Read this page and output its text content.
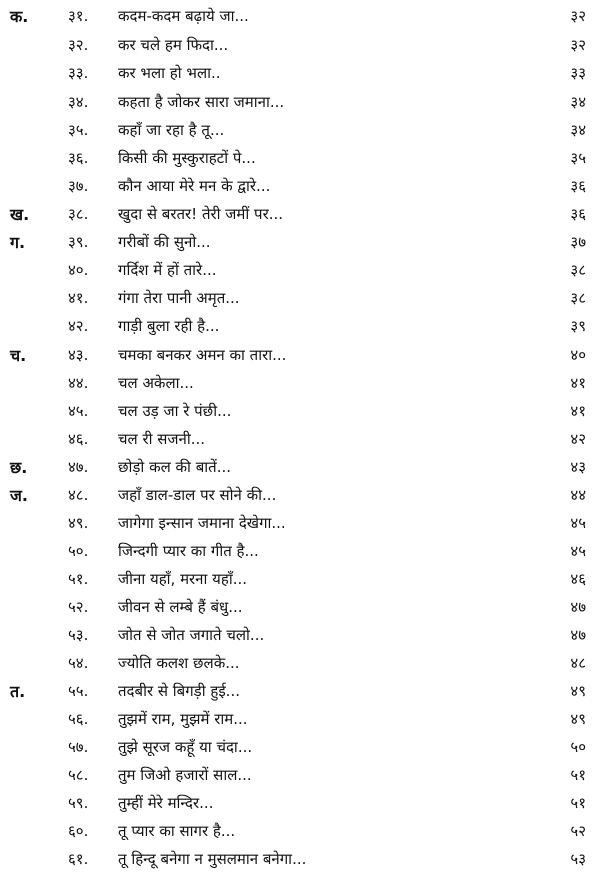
क.	३१.	कदम-कदम बढ़ाये जा...	३२
३२.	कर चले हम फिदा...	३२
३३.	कर भला हो भला..	३३
३४.	कहता है जोकर सारा जमाना...	३४
३५.	कहाँ जा रहा है तू...	३४
३६.	किसी की मुस्कुराहटों पे...	३५
३७.	कौन आया मेरे मन के द्वारे...	३६
ख.	३८.	खुदा से बरतर! तेरी जमीं पर...	३६
ग.	३९.	गरीबों की सुनो...	३७
४०.	गर्दिश में हों तारे...	३८
४१.	गंगा तेरा पानी अमृत...	३८
४२.	गाड़ी बुला रही है...	३९
च.	४३.	चमका बनकर अमन का तारा...	४०
४४.	चल अकेला...	४१
४५.	चल उड़ जा रे पंछी...	४१
४६.	चल री सजनी...	४२
छ.	४७.	छोड़ो कल की बातें...	४३
ज.	४८.	जहाँ डाल-डाल पर सोने की...	४४
४९.	जागेगा इन्सान जमाना देखेगा...	४५
५०.	जिन्दगी प्यार का गीत है...	४५
५१.	जीना यहाँ, मरना यहाँ...	४६
५२.	जीवन से लम्बे हैं बंधु...	४७
५३.	जोत से जोत जगाते चलो...	४७
५४.	ज्योति कलश छलके...	४८
त.	५५.	तदबीर से बिगड़ी हुई...	४९
५६.	तुझमें राम, मुझमें राम...	४९
५७.	तुझे सूरज कहूँ या चंदा...	५०
५८.	तुम जिओ हजारों साल...	५१
५९.	तुम्हीं मेरे मन्दिर...	५१
६०.	तू प्यार का सागर है...	५२
६१.	तू हिन्दू बनेगा न मुसलमान बनेगा...	५३
